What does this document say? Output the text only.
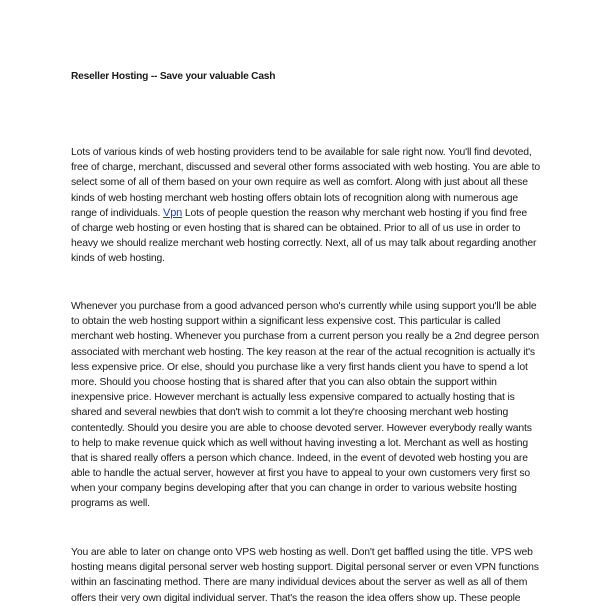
Reseller Hosting -- Save your valuable Cash
Lots of various kinds of web hosting providers tend to be available for sale right now. You'll find devoted,
free of charge, merchant, discussed and several other forms associated with web hosting. You are able to
select some of all of them based on your own require as well as comfort. Along with just about all these
kinds of web hosting merchant web hosting offers obtain lots of recognition along with numerous age
range of individuals. Vpn Lots of people question the reason why merchant web hosting if you find free
of charge web hosting or even hosting that is shared can be obtained. Prior to all of us use in order to
heavy we should realize merchant web hosting correctly. Next, all of us may talk about regarding another
kinds of web hosting.
Whenever you purchase from a good advanced person who's currently while using support you'll be able
to obtain the web hosting support within a significant less expensive cost. This particular is called
merchant web hosting. Whenever you purchase from a current person you really be a 2nd degree person
associated with merchant web hosting. The key reason at the rear of the actual recognition is actually it's
less expensive price. Or else, should you purchase like a very first hands client you have to spend a lot
more. Should you choose hosting that is shared after that you can also obtain the support within
inexpensive price. However merchant is actually less expensive compared to actually hosting that is
shared and several newbies that don't wish to commit a lot they're choosing merchant web hosting
contentedly. Should you desire you are able to choose devoted server. However everybody really wants
to help to make revenue quick which as well without having investing a lot. Merchant as well as hosting
that is shared really offers a person which chance. Indeed, in the event of devoted web hosting you are
able to handle the actual server, however at first you have to appeal to your own customers very first so
when your company begins developing after that you can change in order to various website hosting
programs as well.
You are able to later on change onto VPS web hosting as well. Don't get baffled using the title. VPS web
hosting means digital personal server web hosting support. Digital personal server or even VPN functions
within an fascinating method. There are many individual devices about the server as well as all of them
offers their very own digital individual server. That's the reason the idea offers show up. These people
